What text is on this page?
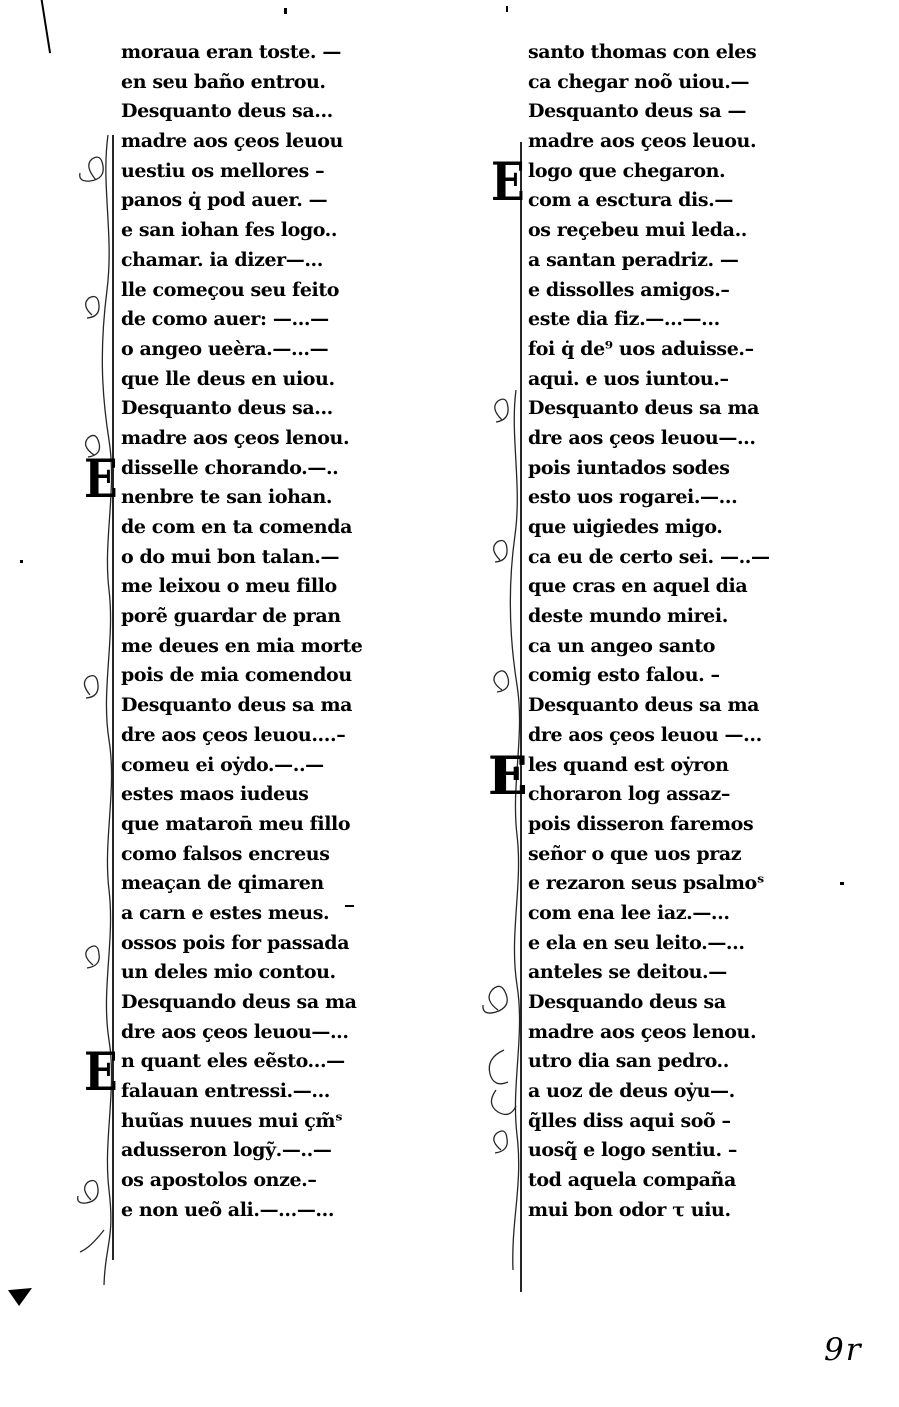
moraua eran toste. —
en seu baño entrou.
Desquanto deus sa...
madre aos çeos leuou
uestiu os mellores –
panos q̇ pod auer. —
e san iohan fes logo..
chamar. ia dizer—...
lle começou seu feito
de como auer: —...—
o angeo ueèra.—...—
que lle deus en uiou.
Desquanto deus sa...
madre aos çeos lenou.
E disselle chorando.—..
nenbre te san iohan.
de com en ta comenda
o do mui bon talan.—
me leixou o meu fillo
porẽ guardar de pran
me deues en mia morte
pois de mia comendou
Desquanto deus sa ma
dre aos çeos leuou....–
comeu ei oẏdo.—..—
estes maos iudeus
que mataron̄ meu fillo
como falsos encreus
meaçan de qimaren
a carn e estes meus.
ossos pois for passada
un deles mio contou.
Desquando deus sa ma
dre aos çeos leuou—...
E n quant eles eẽsto...—
falauan entressi.—...
huũas nuues mui çm̃ˢ
adusseron logỹ.—..—
os apostolos onze.–
e non ueõ ali.—...—...
santo thomas con eles
ca chegar noõ uiou.—
Desquanto deus sa —
madre aos çeos leuou.
E logo que chegaron.
com a esctura dis.—
os reçebeu mui leda..
a santan peradriz. —
e dissolles amigos.–
este dia fiz.—...—...
foi q̇ de⁹ uos aduisse.–
aqui. e uos iuntou.–
Desquanto deus sa ma
dre aos çeos leuou—...
pois iuntados sodes
esto uos rogarei.—...
que uigiedes migo.
ca eu de certo sei. —..—
que cras en aquel dia
deste mundo mirei.
ca un angeo santo
comig esto falou. –
Desquanto deus sa ma
dre aos çeos leuou —...
E les quand est oẏron
choraron log assaz–
pois disseron faremos
señor o que uos praz
e rezaron seus psalmoˢ
com ena lee iaz.—...
e ela en seu leito.—...
anteles se deitou.—
Desquando deus sa
madre aos çeos lenou.
utro dia san pedro..
a uoz de deus oẏu—.
q̃lles diss aqui soõ –
uosq̃ e logo sentiu. –
tod aquela compaña
mui bon odor τ uiu.
9r
